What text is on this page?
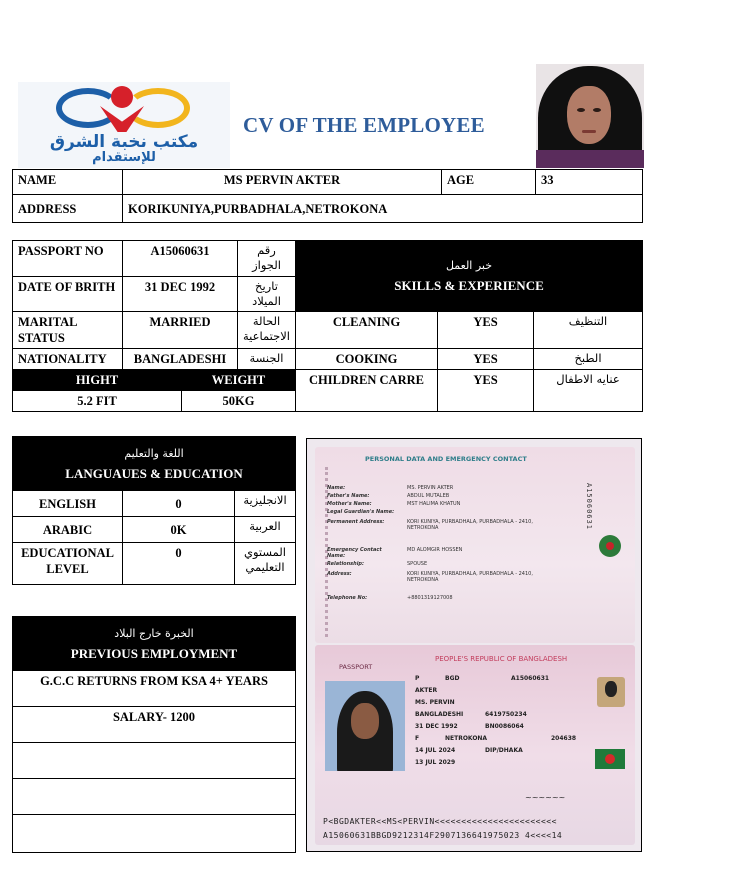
مكتب نخبة الشرق
للإستقدام
CV OF THE EMPLOYEE
NAME	MS PERVIN AKTER	AGE	33
ADDRESS	KORIKUNIYA,PURBADHALA,NETROKONA		
PASSPORT NO	A15060631		رقم الجواز	خبر العمل
SKILLS & EXPERIENCE		

DATE OF BRITH	31 DEC 1992		تاريخ الميلاد			
MARITAL STATUS	MARRIED		الحالة الاجتماعية	CLEANING	YES	التنظيف
NATIONALITY	BANGLADESHI		الجنسة	COOKING	YES	الطبخ
HIGHT		WEIGHT		CHILDREN CARRE	YES	عنايه الاطفال
5.2 FIT		50KG				
اللغة والتعليم
LANGUAUES & EDUCATION		

ENGLISH	0	الانجليزية
ARABIC	0K	العربية
EDUCATIONAL LEVEL	0	المستوي التعليمي
الخبرة خارج البلاد
PREVIOUS EMPLOYMENT

G.C.C RETURNS FROM KSA 4+ YEARS
SALARY- 1200

PERSONAL DATA AND EMERGENCY CONTACT
Name:	MS. PERVIN AKTER
Father's Name:	ABDUL MUTALEB
Mother's Name:	MST HALIMA KHATUN
Legal Guardian's Name:
Permanent Address:	KORI KUNIYA, PURBADHALA, PURBADHALA - 2410, NETROKONA
Emergency Contact Name:
MD ALOMGIR HOSSEN
Relationship:	SPOUSE
Address:	KORI KUNIYA, PURBADHALA, PURBADHALA - 2410, NETROKONA
Telephone No:	+8801319127008
A15060631
PASSPORT
PEOPLE'S REPUBLIC OF BANGLADESH
P	BGD	A15060631
AKTER
MS. PERVIN
BANGLADESHI	6419750234
31 DEC 1992	BN0086064
F	NETROKONA	204638
14 JUL 2024	DIP/DHAKA
13 JUL 2029
~~~~~~
P<BGDAKTER<<MS<PERVIN<<<<<<<<<<<<<<<<<<<<<<<
A15060631BBGD9212314F2907136641975023 4<<<<14
